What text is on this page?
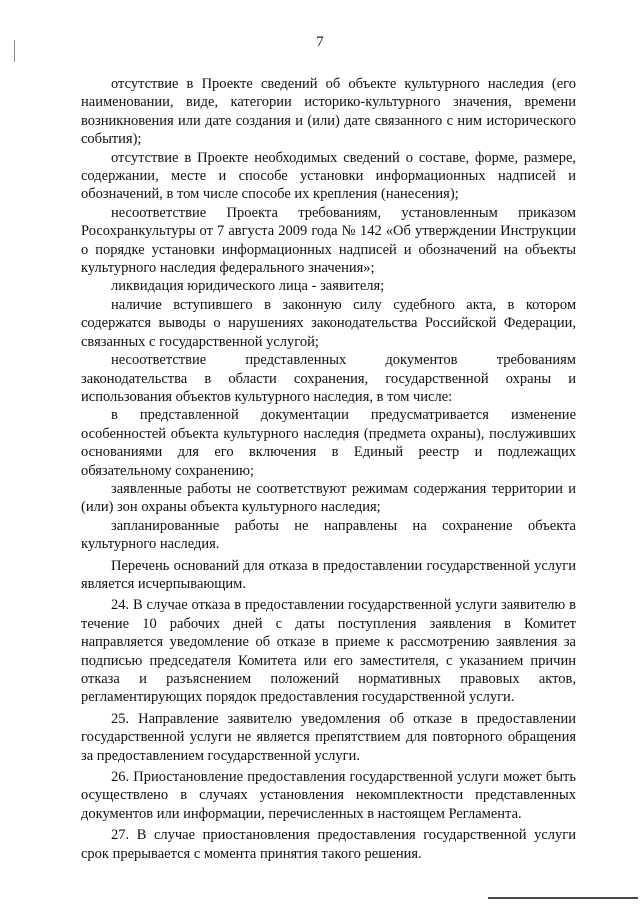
7

отсутствие в Проекте сведений об объекте культурного наследия (его наименовании, виде, категории историко-культурного значения, времени возникновения или дате создания и (или) дате связанного с ним исторического события);

отсутствие в Проекте необходимых сведений о составе, форме, размере, содержании, месте и способе установки информационных надписей и обозначений, в том числе способе их крепления (нанесения);

несоответствие Проекта требованиям, установленным приказом Росохранкультуры от 7 августа 2009 года № 142 «Об утверждении Инструкции о порядке установки информационных надписей и обозначений на объекты культурного наследия федерального значения»;

ликвидация юридического лица - заявителя;

наличие вступившего в законную силу судебного акта, в котором содержатся выводы о нарушениях законодательства Российской Федерации, связанных с государственной услугой;

несоответствие представленных документов требованиям законодательства в области сохранения, государственной охраны и использования объектов культурного наследия, в том числе:

в представленной документации предусматривается изменение особенностей объекта культурного наследия (предмета охраны), послуживших основаниями для его включения в Единый реестр и подлежащих обязательному сохранению;

заявленные работы не соответствуют режимам содержания территории и (или) зон охраны объекта культурного наследия;

запланированные работы не направлены на сохранение объекта культурного наследия.

Перечень оснований для отказа в предоставлении государственной услуги является исчерпывающим.

24. В случае отказа в предоставлении государственной услуги заявителю в течение 10 рабочих дней с даты поступления заявления в Комитет направляется уведомление об отказе в приеме к рассмотрению заявления за подписью председателя Комитета или его заместителя, с указанием причин отказа и разъяснением положений нормативных правовых актов, регламентирующих порядок предоставления государственной услуги.

25. Направление заявителю уведомления об отказе в предоставлении государственной услуги не является препятствием для повторного обращения за предоставлением государственной услуги.

26. Приостановление предоставления государственной услуги может быть осуществлено в случаях установления некомплектности представленных документов или информации, перечисленных в настоящем Регламента.

27. В случае приостановления предоставления государственной услуги срок прерывается с момента принятия такого решения.
